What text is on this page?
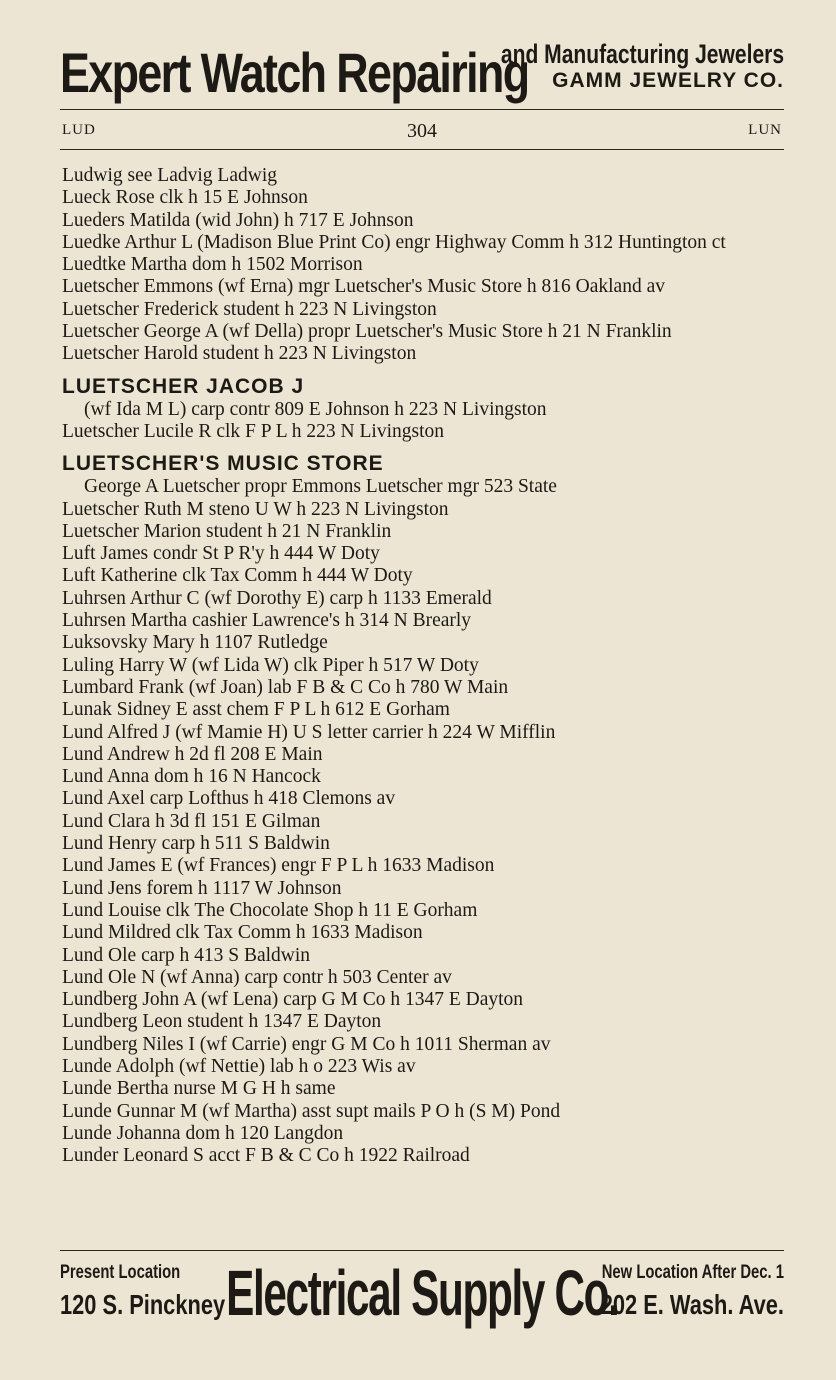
Expert Watch Repairing
and Manufacturing Jewelers
GAMM JEWELRY CO.
LUD	304	LUN
Ludwig see Ladvig Ladwig
Lueck Rose clk h 15 E Johnson
Lueders Matilda (wid John) h 717 E Johnson
Luedke Arthur L (Madison Blue Print Co) engr Highway Comm h 312 Huntington ct
Luedtke Martha dom h 1502 Morrison
Luetscher Emmons (wf Erna) mgr Luetscher's Music Store h 816 Oakland av
Luetscher Frederick student h 223 N Livingston
Luetscher George A (wf Della) propr Luetscher's Music Store h 21 N Franklin
Luetscher Harold student h 223 N Livingston
LUETSCHER JACOB J
(wf Ida M L) carp contr 809 E Johnson h 223 N Livingston
Luetscher Lucile R clk F P L h 223 N Livingston
LUETSCHER'S MUSIC STORE
George A Luetscher propr Emmons Luetscher mgr 523 State
Luetscher Ruth M steno U W h 223 N Livingston
Luetscher Marion student h 21 N Franklin
Luft James condr St P R'y h 444 W Doty
Luft Katherine clk Tax Comm h 444 W Doty
Luhrsen Arthur C (wf Dorothy E) carp h 1133 Emerald
Luhrsen Martha cashier Lawrence's h 314 N Brearly
Luksovsky Mary h 1107 Rutledge
Luling Harry W (wf Lida W) clk Piper h 517 W Doty
Lumbard Frank (wf Joan) lab F B & C Co h 780 W Main
Lunak Sidney E asst chem F P L h 612 E Gorham
Lund Alfred J (wf Mamie H) U S letter carrier h 224 W Mifflin
Lund Andrew h 2d fl 208 E Main
Lund Anna dom h 16 N Hancock
Lund Axel carp Lofthus h 418 Clemons av
Lund Clara h 3d fl 151 E Gilman
Lund Henry carp h 511 S Baldwin
Lund James E (wf Frances) engr F P L h 1633 Madison
Lund Jens forem h 1117 W Johnson
Lund Louise clk The Chocolate Shop h 11 E Gorham
Lund Mildred clk Tax Comm h 1633 Madison
Lund Ole carp h 413 S Baldwin
Lund Ole N (wf Anna) carp contr h 503 Center av
Lundberg John A (wf Lena) carp G M Co h 1347 E Dayton
Lundberg Leon student h 1347 E Dayton
Lundberg Niles I (wf Carrie) engr G M Co h 1011 Sherman av
Lunde Adolph (wf Nettie) lab h o 223 Wis av
Lunde Bertha nurse M G H h same
Lunde Gunnar M (wf Martha) asst supt mails P O h (S M) Pond
Lunde Johanna dom h 120 Langdon
Lunder Leonard S acct F B & C Co h 1922 Railroad
Present Location
120 S. Pinckney Electrical Supply Co.
New Location After Dec. 1
202 E. Wash. Ave.
